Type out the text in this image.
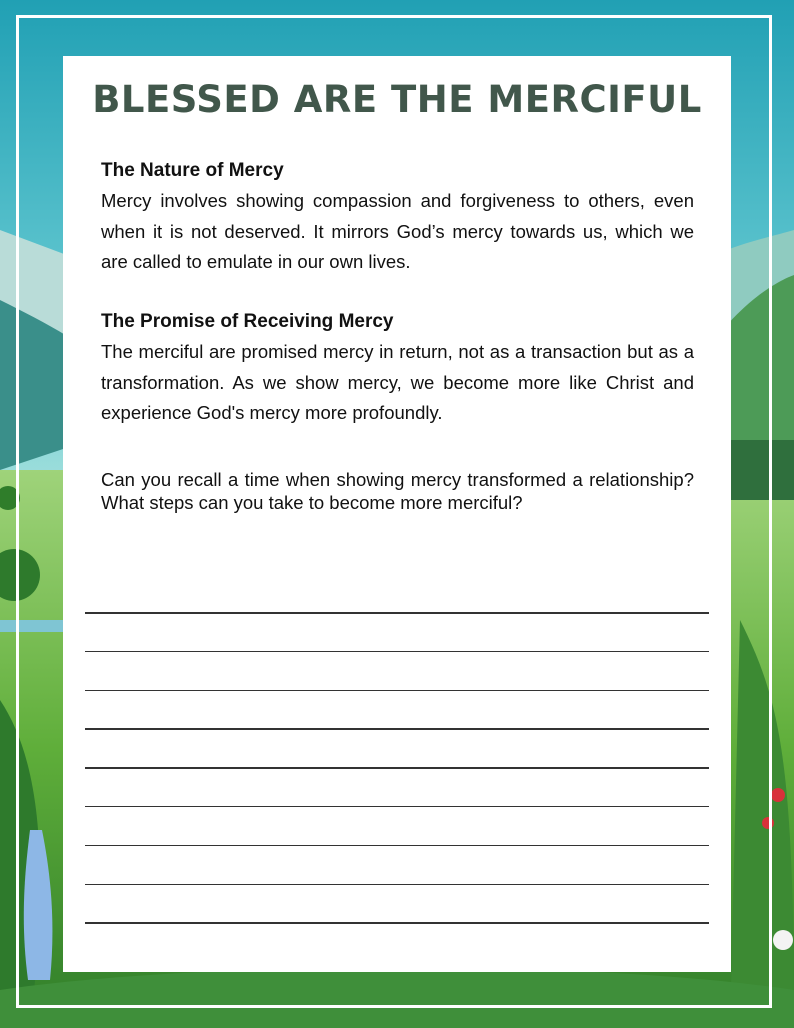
BLESSED ARE THE MERCIFUL
The Nature of Mercy

Mercy involves showing compassion and forgiveness to others, even when it is not deserved. It mirrors God’s mercy towards us, which we are called to emulate in our own lives.

The Promise of Receiving Mercy

The merciful are promised mercy in return, not as a transaction but as a transformation. As we show mercy, we become more like Christ and experience God's mercy more profoundly.

Can you recall a time when showing mercy transformed a relationship? What steps can you take to become more merciful?
